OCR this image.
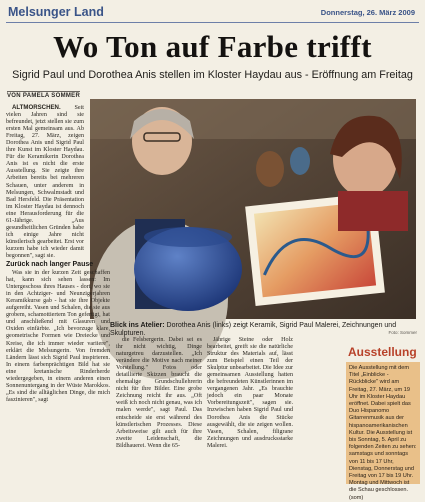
Melsunger Land	Donnerstag, 26. März 2009
Wo Ton auf Farbe trifft
Sigrid Paul und Dorothea Anis stellen im Kloster Haydau aus - Eröffnung am Freitag
VON PAMELA SOMMER
Blick ins Atelier: Dorothea Anis (links) zeigt Keramik, Sigrid Paul Malerei, Zeichnungen und Skulpturen.	Foto: Sommer

ALTMORSCHEN. Seit vielen Jahren sind sie befreundet, jetzt stellen sie zum ersten Mal gemeinsam aus. Ab Freitag, 27. März, zeigen Dorothea Anis und Sigrid Paul ihre Kunst im Kloster Haydau. Für die Keramikerin Dorothea Anis ist es nicht die erste Ausstellung. Sie zeigte ihre Arbeiten bereits bei mehreren Schauen, unter anderem in Melsungen, Schwalmstadt und Bad Hersfeld. Die Präsentation im Kloster Haydau ist dennoch eine Herausforderung für die 61-Jährige. „Aus gesundheitlichen Gründen habe ich einige Jahre nicht künstlerisch gearbeitet. Erst vor kurzem habe ich wieder damit begonnen", sagt sie.

Zurück nach langer Pause

Was sie in der kurzen Zeit geschaffen hat, kann sich sehen lassen: Im Untergeschoss ihres Hauses - dort, wo sie in den Achtziger- und Neunzigerjahren Keramikkurse gab - hat sie ihre Objekte aufgereiht. Vasen und Schalen, die sie aus grobem, schamottiertem Ton gefertigt, hat und anschließend mit Glasuren und Oxiden einfärbte. „Ich bevorzuge klare, geometrische Formen wie Dreiecke und Kreise, die ich immer wieder variiere", erklärt die Melsungerin. Von fremden Ländern lässt sich Sigrid Paul inspirieren. In einem farbenprächtigen Bild hat sie eine kretanische Rinderherde wiedergegeben, in einem anderen einen Sonnenuntergang in der Wüste Marokkos. „Es sind die alltäglichen Dinge, die mich faszinieren", sagt

die Felsbergerin. Dabei sei es ihr nicht wichtig, Dinge naturgetreu darzustellen. „Ich verändere die Motive nach meiner Vorstellung." Fotos oder detaillierte Skizzen braucht die ehemalige Grundschullehrerin nicht für ihre Bilder. Eine grobe Zeichnung reicht ihr aus. „Oft weiß ich noch nicht genau, was ich malen werde", sagt Paul. Das entscheide sie erst während des künstlerischen Prozesses. Diese Arbeitsweise gilt auch für ihre zweite Leidenschaft, die Bildhauerei. Wenn die 65-

Jährige Steine oder Holz bearbeitet, greift sie die natürliche Struktur des Materials auf, lässt zum Beispiel einen Teil der Skulptur unbearbeitet. Die Idee zur gemeinsamen Ausstellung hatten die befreundeten Künstlerinnen im vergangenen Jahr. „Es brauchte jedoch ein paar Monate Vorbereitungszeit", sagen sie. Inzwischen haben Sigrid Paul und Dorothea Anis die Stücke ausgewählt, die sie zeigen wollen. Vasen, Schalen, filigrane Zeichnungen und ausdrucksstarke Malerei.

Ausstellung
Die Ausstellung mit dem Titel „Einblicke - Rückblicke" wird am Freitag, 27. März, um 19 Uhr im Kloster Haydau eröffnet. Dabei spielt das Duo Hispanomo Gitarrenmusik aus der hispanoamerikanischen Kultur. Die Ausstellung ist bis Sonntag, 5. April zu folgenden Zeiten zu sehen: samstags und sonntags von 11 bis 17 Uhr, Dienstag, Donnerstag und Freitag von 17 bis 19 Uhr. Montag und Mittwoch ist die Schau geschlossen. (som)
